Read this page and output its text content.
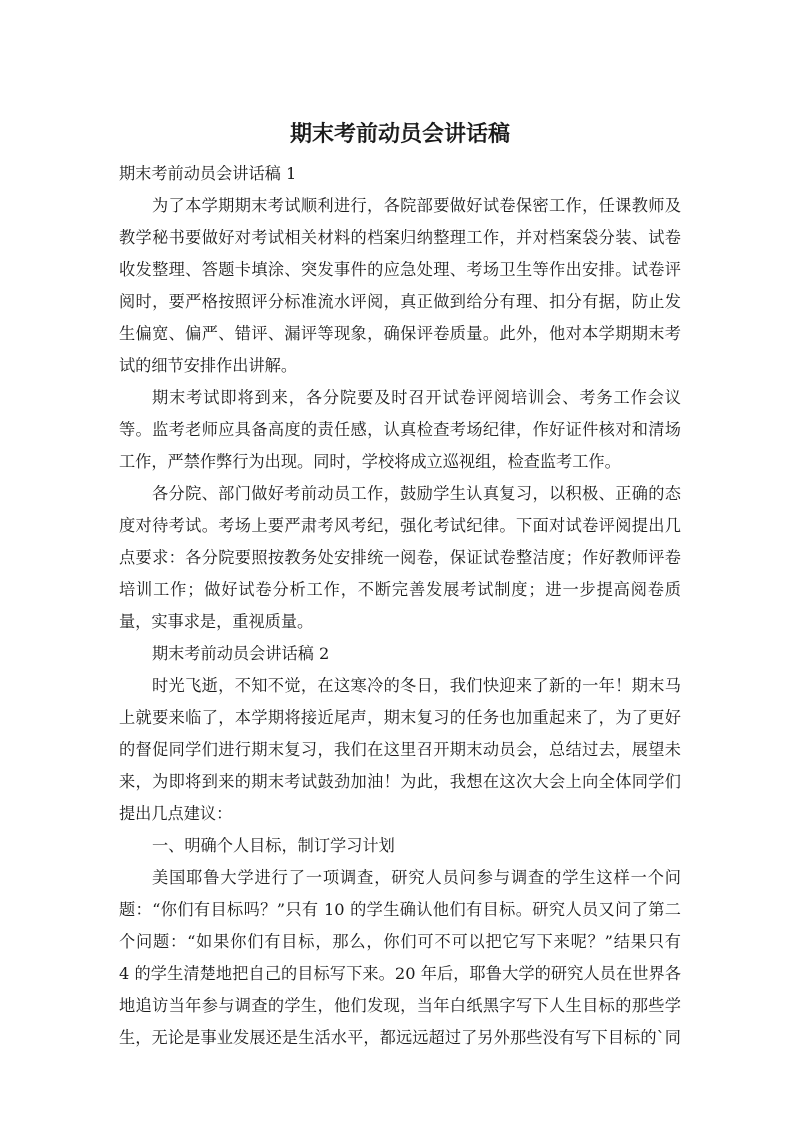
期末考前动员会讲话稿
期末考前动员会讲话稿 1
为了本学期期末考试顺利进行，各院部要做好试卷保密工作，任课教师及
教学秘书要做好对考试相关材料的档案归纳整理工作，并对档案袋分装、试卷
收发整理、答题卡填涂、突发事件的应急处理、考场卫生等作出安排。试卷评
阅时，要严格按照评分标准流水评阅，真正做到给分有理、扣分有据，防止发
生偏宽、偏严、错评、漏评等现象，确保评卷质量。此外，他对本学期期末考
试的细节安排作出讲解。
期末考试即将到来，各分院要及时召开试卷评阅培训会、考务工作会议
等。监考老师应具备高度的责任感，认真检查考场纪律，作好证件核对和清场
工作，严禁作弊行为出现。同时，学校将成立巡视组，检查监考工作。
各分院、部门做好考前动员工作，鼓励学生认真复习，以积极、正确的态
度对待考试。考场上要严肃考风考纪，强化考试纪律。下面对试卷评阅提出几
点要求：各分院要照按教务处安排统一阅卷，保证试卷整洁度；作好教师评卷
培训工作；做好试卷分析工作，不断完善发展考试制度；进一步提高阅卷质
量，实事求是，重视质量。
期末考前动员会讲话稿 2
时光飞逝，不知不觉，在这寒冷的冬日，我们快迎来了新的一年！期末马
上就要来临了，本学期将接近尾声，期末复习的任务也加重起来了，为了更好
的督促同学们进行期末复习，我们在这里召开期末动员会，总结过去，展望未
来，为即将到来的期末考试鼓劲加油！为此，我想在这次大会上向全体同学们
提出几点建议：
一、明确个人目标，制订学习计划
美国耶鲁大学进行了一项调查，研究人员问参与调查的学生这样一个问
题：“你们有目标吗？”只有 10 的学生确认他们有目标。研究人员又问了第二
个问题：“如果你们有目标，那么，你们可不可以把它写下来呢？”结果只有
4 的学生清楚地把自己的目标写下来。20 年后，耶鲁大学的研究人员在世界各
地追访当年参与调查的学生，他们发现，当年白纸黑字写下人生目标的那些学
生，无论是事业发展还是生活水平，都远远超过了另外那些没有写下目标的`同
